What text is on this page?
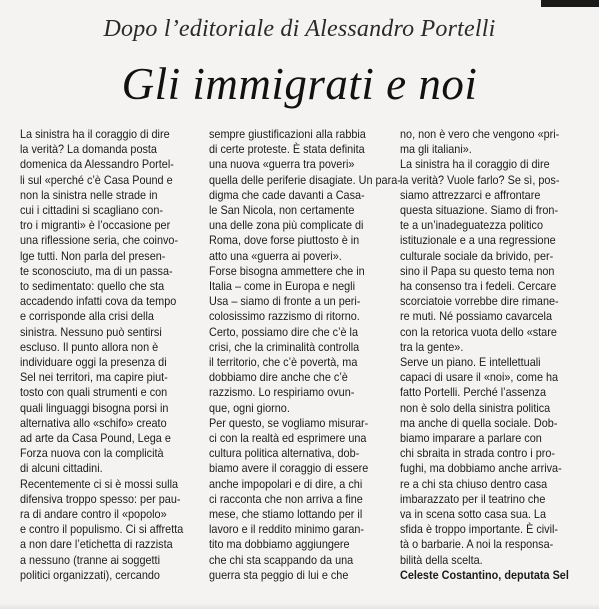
Dopo l’editoriale di Alessandro Portelli
Gli immigrati e noi

La sinistra ha il coraggio di dire

la verità? La domanda posta

domenica da Alessandro Portel-

li sul «perché c’è Casa Pound e

non la sinistra nelle strade in

cui i cittadini si scagliano con-

tro i migranti» è l’occasione per

una riflessione seria, che coinvo-

lge tutti. Non parla del presen-

te sconosciuto, ma di un passa-

to sedimentato: quello che sta

accadendo infatti cova da tempo

e corrisponde alla crisi della

sinistra. Nessuno può sentirsi

escluso. Il punto allora non è

individuare oggi la presenza di

Sel nei territori, ma capire piut-

tosto con quali strumenti e con

quali linguaggi bisogna porsi in

alternativa allo «schifo» creato

ad arte da Casa Pound, Lega e

Forza nuova con la complicità

di alcuni cittadini.

Recentemente ci si è mossi sulla

difensiva troppo spesso: per pau-

ra di andare contro il «popolo»

e contro il populismo. Ci si affretta

a non dare l’etichetta di razzista

a nessuno (tranne ai soggetti

politici organizzati), cercando

sempre giustificazioni alla rabbia

di certe proteste. È stata definita

una nuova «guerra tra poveri»

quella delle periferie disagiate. Un para-

digma che cade davanti a Casa-

le San Nicola, non certamente

una delle zona più complicate di

Roma, dove forse piuttosto è in

atto una «guerra ai poveri».

Forse bisogna ammettere che in

Italia – come in Europa e negli

Usa – siamo di fronte a un peri-

colosissimo razzismo di ritorno.

Certo, possiamo dire che c’è la

crisi, che la criminalità controlla

il territorio, che c’è povertà, ma

dobbiamo dire anche che c’è

razzismo. Lo respiriamo ovun-

que, ogni giorno.

Per questo, se vogliamo misurar-

ci con la realtà ed esprimere una

cultura politica alternativa, dob-

biamo avere il coraggio di essere

anche impopolari e di dire, a chi

ci racconta che non arriva a fine

mese, che stiamo lottando per il

lavoro e il reddito minimo garan-

tito ma dobbiamo aggiungere

che chi sta scappando da una

guerra sta peggio di lui e che

no, non è vero che vengono «pri-

ma gli italiani».

La sinistra ha il coraggio di dire

la verità? Vuole farlo? Se sì, pos-

siamo attrezzarci e affrontare

questa situazione. Siamo di fron-

te a un’inadeguatezza politico

istituzionale e a una regressione

culturale sociale da brivido, per-

sino il Papa su questo tema non

ha consenso tra i fedeli. Cercare

scorciatoie vorrebbe dire rimane-

re muti. Né possiamo cavarcela

con la retorica vuota dello «stare

tra la gente».

Serve un piano. E intellettuali

capaci di usare il «noi», come ha

fatto Portelli. Perché l’assenza

non è solo della sinistra politica

ma anche di quella sociale. Dob-

biamo imparare a parlare con

chi sbraita in strada contro i pro-

fughi, ma dobbiamo anche arriva-

re a chi sta chiuso dentro casa

imbarazzato per il teatrino che

va in scena sotto casa sua. La

sfida è troppo importante. È civil-

tà o barbarie. A noi la responsa-

bilità della scelta.

Celeste Costantino, deputata Sel
